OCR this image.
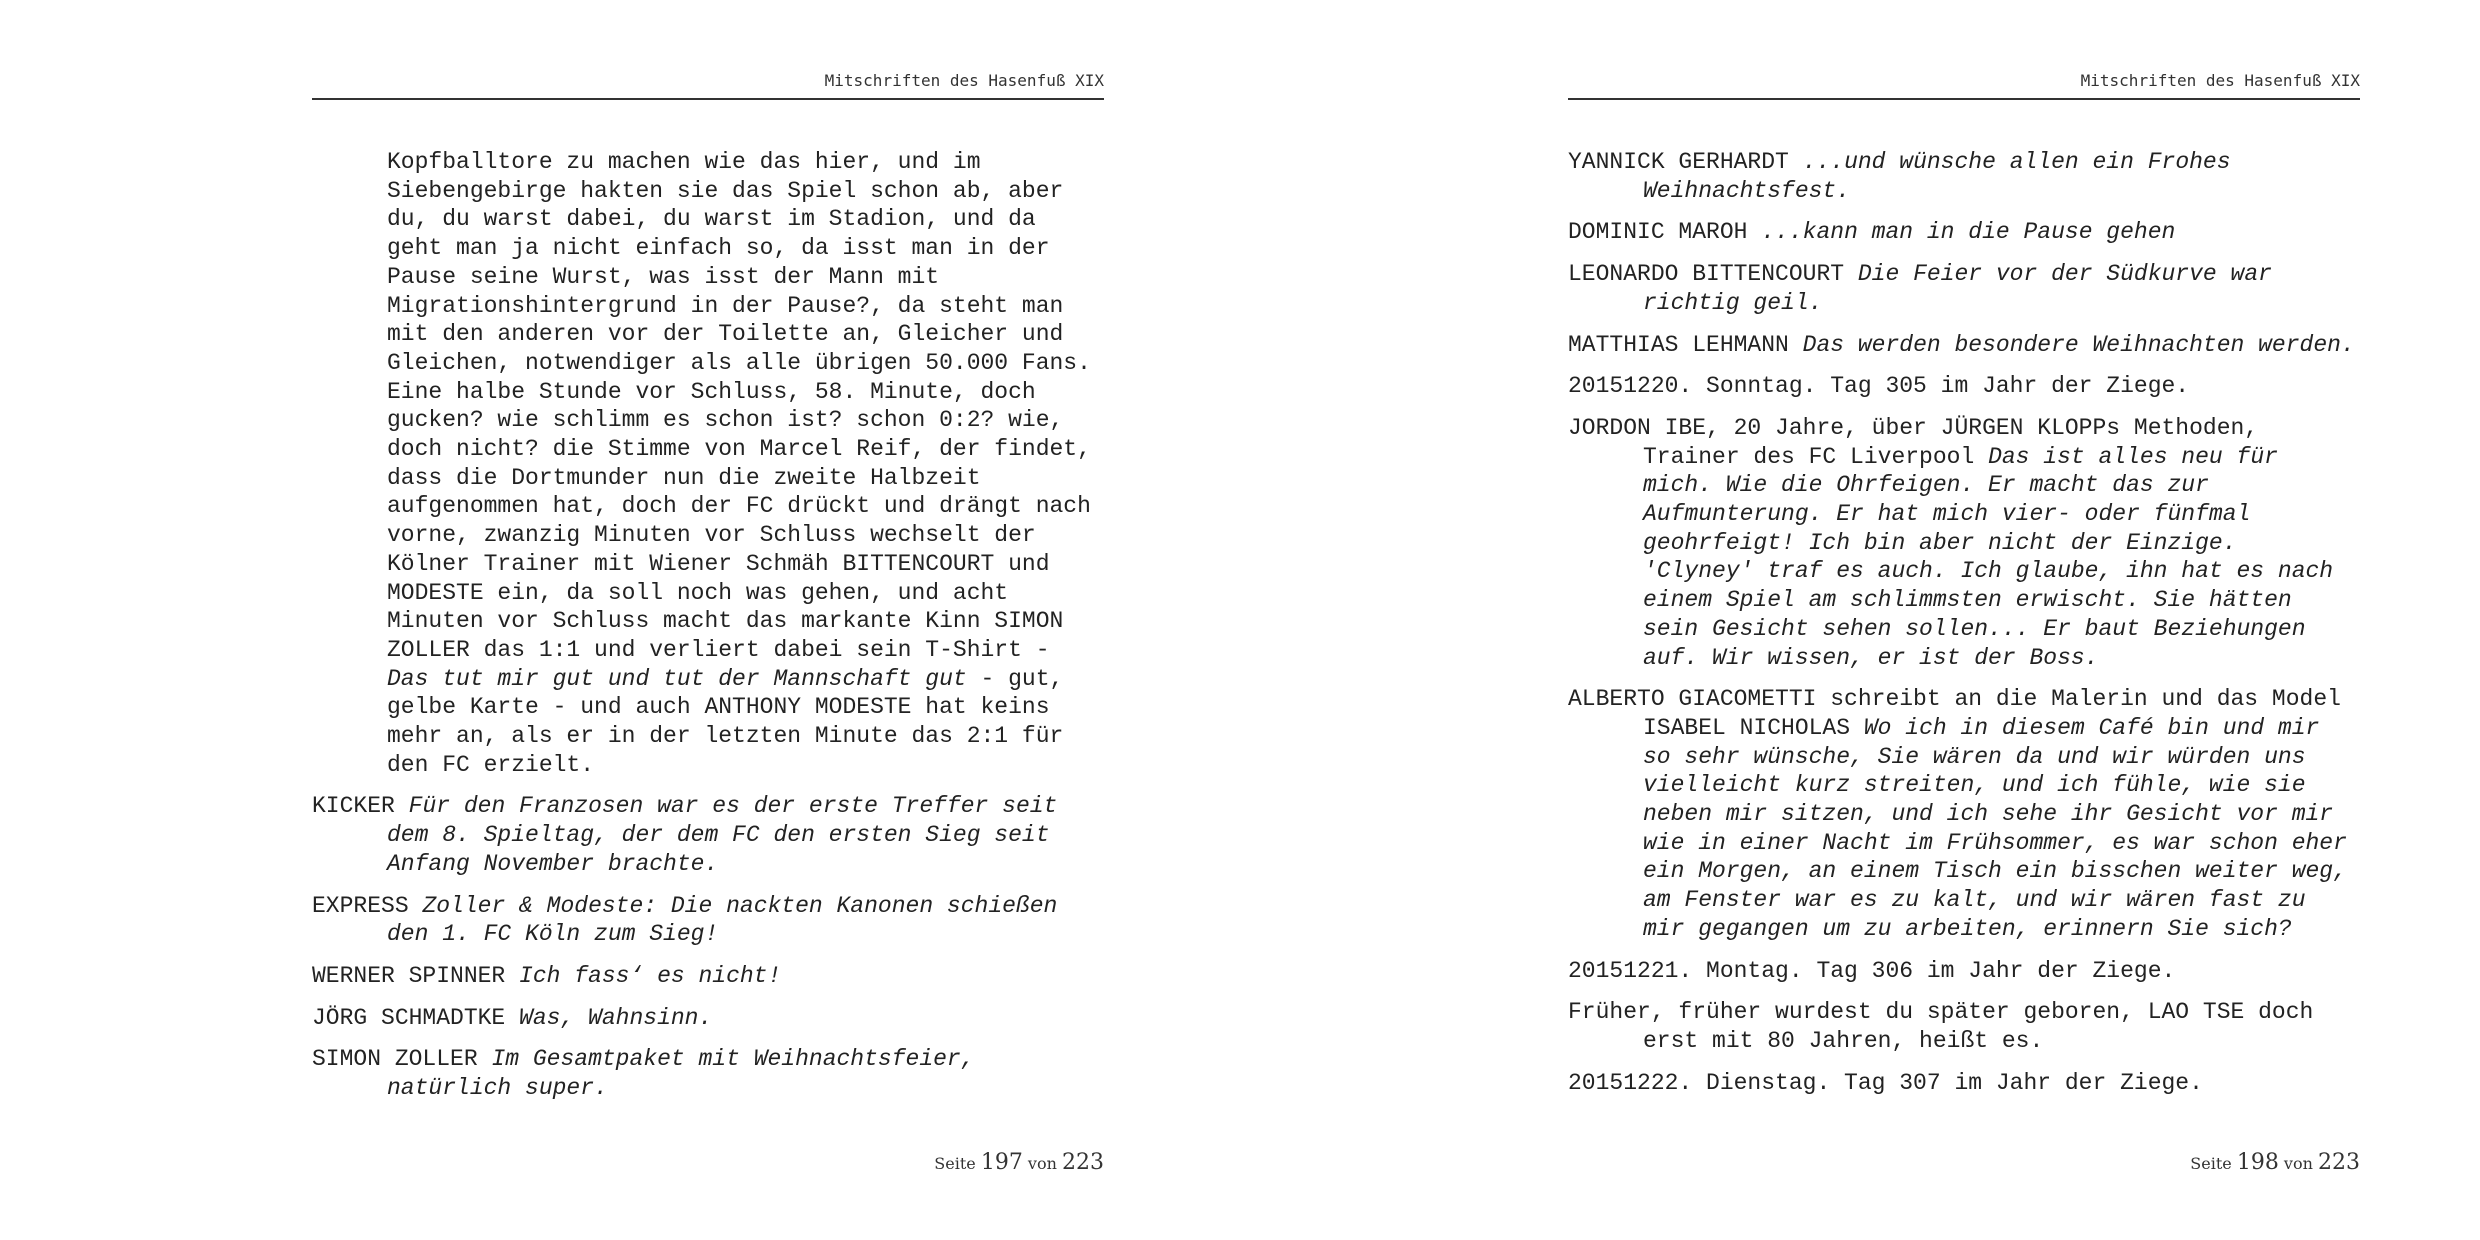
Mitschriften des Hasenfuß XIX

Kopfballtore zu machen wie das hier, und im Siebengebirge hakten sie das Spiel schon ab, aber du, du warst dabei, du warst im Stadion, und da geht man ja nicht einfach so, da isst man in der Pause seine Wurst, was isst der Mann mit Migrationshintergrund in der Pause?, da steht man mit den anderen vor der Toilette an, Gleicher und Gleichen, notwendiger als alle übrigen 50.000 Fans. Eine halbe Stunde vor Schluss, 58. Minute, doch gucken? wie schlimm es schon ist? schon 0:2? wie, doch nicht? die Stimme von Marcel Reif, der findet, dass die Dortmunder nun die zweite Halbzeit aufgenommen hat, doch der FC drückt und drängt nach vorne, zwanzig Minuten vor Schluss wechselt der Kölner Trainer mit Wiener Schmäh BITTENCOURT und MODESTE ein, da soll noch was gehen, und acht Minuten vor Schluss macht das markante Kinn SIMON ZOLLER das 1:1 und verliert dabei sein T-Shirt - Das tut mir gut und tut der Mannschaft gut - gut, gelbe Karte - und auch ANTHONY MODESTE hat keins mehr an, als er in der letzten Minute das 2:1 für den FC erzielt.

KICKER Für den Franzosen war es der erste Treffer seit dem 8. Spieltag, der dem FC den ersten Sieg seit Anfang November brachte.

EXPRESS Zoller & Modeste: Die nackten Kanonen schießen den 1. FC Köln zum Sieg!

WERNER SPINNER Ich fass‘ es nicht!

JÖRG SCHMADTKE Was, Wahnsinn.

SIMON ZOLLER Im Gesamtpaket mit Weihnachtsfeier, natürlich super.

Seite 197 von 223
Mitschriften des Hasenfuß XIX

YANNICK GERHARDT ...und wünsche allen ein Frohes Weihnachtsfest.

DOMINIC MAROH ...kann man in die Pause gehen

LEONARDO BITTENCOURT Die Feier vor der Südkurve war richtig geil.

MATTHIAS LEHMANN Das werden besondere Weihnachten werden.

20151220. Sonntag. Tag 305 im Jahr der Ziege.

JORDON IBE, 20 Jahre, über JÜRGEN KLOPPs Methoden, Trainer des FC Liverpool Das ist alles neu für mich. Wie die Ohrfeigen. Er macht das zur Aufmunterung. Er hat mich vier- oder fünfmal geohrfeigt! Ich bin aber nicht der Einzige. 'Clyney' traf es auch. Ich glaube, ihn hat es nach einem Spiel am schlimmsten erwischt. Sie hätten sein Gesicht sehen sollen... Er baut Beziehungen auf. Wir wissen, er ist der Boss.

ALBERTO GIACOMETTI schreibt an die Malerin und das Model ISABEL NICHOLAS Wo ich in diesem Café bin und mir so sehr wünsche, Sie wären da und wir würden uns vielleicht kurz streiten, und ich fühle, wie sie neben mir sitzen, und ich sehe ihr Gesicht vor mir wie in einer Nacht im Frühsommer, es war schon eher ein Morgen, an einem Tisch ein bisschen weiter weg, am Fenster war es zu kalt, und wir wären fast zu mir gegangen um zu arbeiten, erinnern Sie sich?

20151221. Montag. Tag 306 im Jahr der Ziege.

Früher, früher wurdest du später geboren, LAO TSE doch erst mit 80 Jahren, heißt es.

20151222. Dienstag. Tag 307 im Jahr der Ziege.

Seite 198 von 223
